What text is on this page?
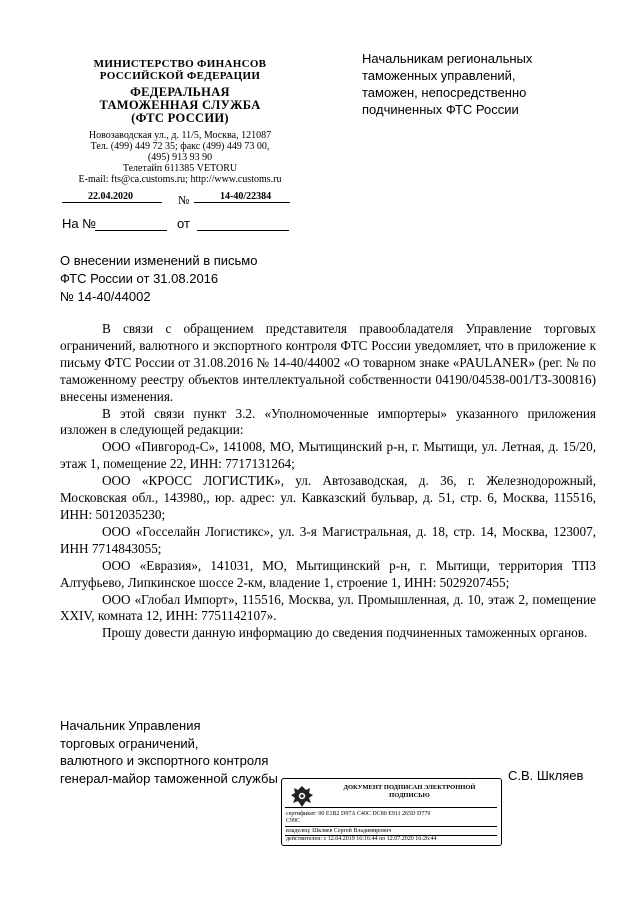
МИНИСТЕРСТВО ФИНАНСОВ
РОССИЙСКОЙ ФЕДЕРАЦИИ
ФЕДЕРАЛЬНАЯ
ТАМОЖЕННАЯ СЛУЖБА
(ФТС РОССИИ)
Новозаводская ул., д. 11/5, Москва, 121087
Тел. (499) 449 72 35; факс (499) 449 73 00,
(495) 913 93 90
Телетайп 611385 VETORU
E-mail: fts@ca.customs.ru; http://www.customs.ru
22.04.2020	№	14-40/22384
На №	от
Начальникам региональных
таможенных управлений,
таможен, непосредственно
подчиненных ФТС России
О внесении изменений в письмо
ФТС России от 31.08.2016
№ 14-40/44002

В связи с обращением представителя правообладателя Управление торговых ограничений, валютного и экспортного контроля ФТС России уведомляет, что в приложение к письму ФТС России от 31.08.2016 № 14-40/44002 «О товарном знаке «PAULANER» (рег. № по таможенному реестру объектов интеллектуальной собственности 04190/04538-001/ТЗ-300816) внесены изменения.

В этой связи пункт 3.2. «Уполномоченные импортеры» указанного приложения изложен в следующей редакции:

ООО «Пивгород-С», 141008, МО, Мытищинский р-н, г. Мытищи, ул. Летная, д. 15/20, этаж 1, помещение 22, ИНН: 7717131264;

ООО «КРОСС ЛОГИСТИК», ул. Автозаводская, д. 36, г. Железнодорожный, Московская обл., 143980,, юр. адрес: ул. Кавказский бульвар, д. 51, стр. 6, Москва, 115516, ИНН: 5012035230;

ООО «Госселайн Логистикс», ул. 3-я Магистральная, д. 18, стр. 14, Москва, 123007, ИНН 7714843055;

ООО «Евразия», 141031, МО, Мытищинский р-н, г. Мытищи, территория ТПЗ Алтуфьево, Липкинское шоссе 2-км, владение 1, строение 1, ИНН: 5029207455;

ООО «Глобал Импорт», 115516, Москва, ул. Промышленная, д. 10, этаж 2, помещение XXIV, комната 12, ИНН: 7751142107».

Прошу довести данную информацию до сведения подчиненных таможенных органов.

Начальник Управления
торговых ограничений,
валютного и экспортного контроля
генерал-майор таможенной службы	С.В. Шкляев
ДОКУМЕНТ ПОДПИСАН ЭЛЕКТРОННОЙ
ПОДПИСЬЮ
сертификат: 00 E1B2 D97A C40C DC80 E911 265D D779
C99C
владелец: Шкляев Сергей Владимирович
действителен: с 12.04.2019 16:16:44 по 12.07.2020 16:26:44
